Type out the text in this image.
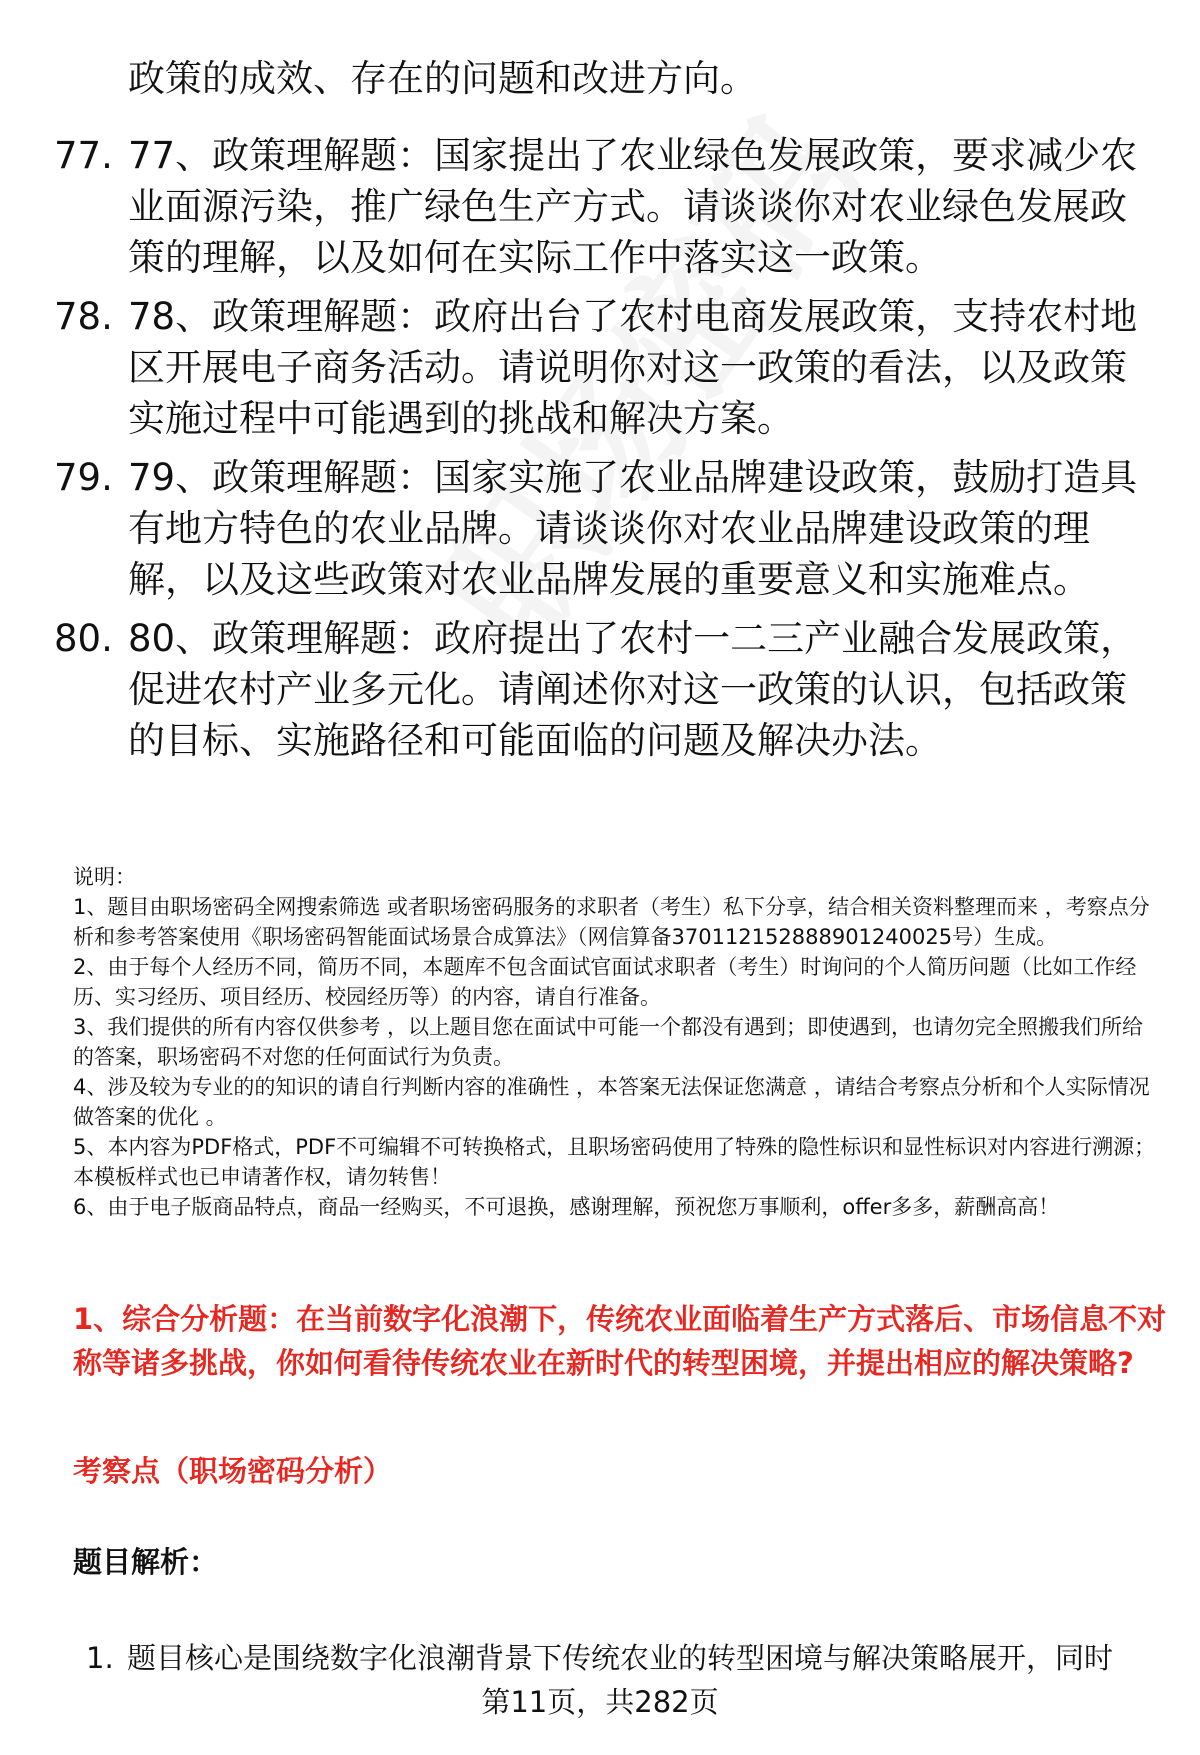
政策的成效、存在的问题和改进方向。

77. 77、政策理解题：国家提出了农业绿色发展政策，要求减少农业面源污染，推广绿色生产方式。请谈谈你对农业绿色发展政策的理解，以及如何在实际工作中落实这一政策。

78. 78、政策理解题：政府出台了农村电商发展政策，支持农村地区开展电子商务活动。请说明你对这一政策的看法，以及政策实施过程中可能遇到的挑战和解决方案。

79. 79、政策理解题：国家实施了农业品牌建设政策，鼓励打造具有地方特色的农业品牌。请谈谈你对农业品牌建设政策的理解，以及这些政策对农业品牌发展的重要意义和实施难点。

80. 80、政策理解题：政府提出了农村一二三产业融合发展政策，促进农村产业多元化。请阐述你对这一政策的认识，包括政策的目标、实施路径和可能面临的问题及解决办法。

说明：

1、题目由职场密码全网搜索筛选 或者职场密码服务的求职者（考生）私下分享，结合相关资料整理而来 ，考察点分析和参考答案使用《职场密码智能面试场景合成算法》（网信算备370112152888901240025号）生成。

2、由于每个人经历不同，简历不同，本题库不包含面试官面试求职者（考生）时询问的个人简历问题（比如工作经历、实习经历、项目经历、校园经历等）的内容，请自行准备。

3、我们提供的所有内容仅供参考 ，以上题目您在面试中可能一个都没有遇到；即使遇到，也请勿完全照搬我们所给的答案，职场密码不对您的任何面试行为负责。

4、涉及较为专业的的知识的请自行判断内容的准确性 ，本答案无法保证您满意 ，请结合考察点分析和个人实际情况做答案的优化 。

5、本内容为PDF格式，PDF不可编辑不可转换格式，且职场密码使用了特殊的隐性标识和显性标识对内容进行溯源；本模板样式也已申请著作权，请勿转售！

6、由于电子版商品特点，商品一经购买，不可退换，感谢理解，预祝您万事顺利，offer多多，薪酬高高！

1、综合分析题：在当前数字化浪潮下，传统农业面临着生产方式落后、市场信息不对称等诸多挑战，你如何看待传统农业在新时代的转型困境，并提出相应的解决策略?

考察点（职场密码分析）

题目解析：

1. 题目核心是围绕数字化浪潮背景下传统农业的转型困境与解决策略展开，同时

第11页，共282页
